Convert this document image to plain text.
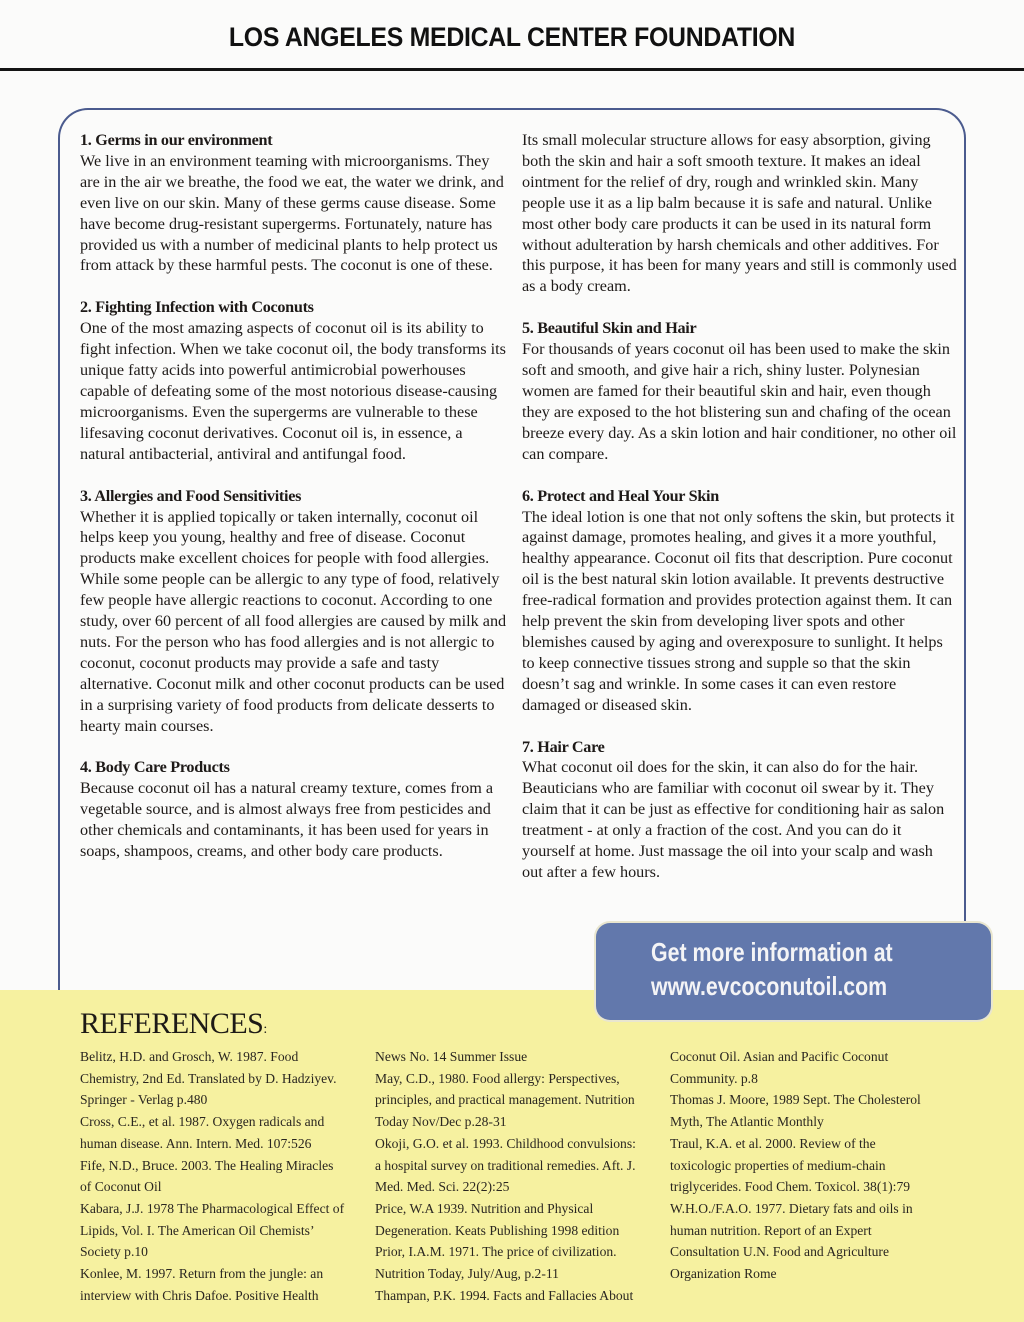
LOS ANGELES MEDICAL CENTER FOUNDATION
1. Germs in our environment

We live in an environment teaming with microorganisms. They are in the air we breathe, the food we eat, the water we drink, and even live on our skin. Many of these germs cause disease. Some have become drug-resistant supergerms. Fortunately, nature has provided us with a number of medicinal plants to help protect us from attack by these harmful pests. The coconut is one of these.

2. Fighting Infection with Coconuts

One of the most amazing aspects of coconut oil is its ability to fight infection. When we take coconut oil, the body transforms its unique fatty acids into powerful antimicrobial powerhouses capable of defeating some of the most notorious disease-causing microorganisms. Even the supergerms are vulnerable to these lifesaving coconut derivatives. Coconut oil is, in essence, a natural antibacterial, antiviral and antifungal food.

3. Allergies and Food Sensitivities

Whether it is applied topically or taken internally, coconut oil helps keep you young, healthy and free of disease. Coconut products make excellent choices for people with food allergies. While some people can be allergic to any type of food, relatively few people have allergic reactions to coconut. According to one study, over 60 percent of all food allergies are caused by milk and nuts. For the person who has food allergies and is not allergic to coconut, coconut products may provide a safe and tasty alternative. Coconut milk and other coconut products can be used in a surprising variety of food products from delicate desserts to hearty main courses.

4. Body Care Products

Because coconut oil has a natural creamy texture, comes from a vegetable source, and is almost always free from pesticides and other chemicals and contaminants, it has been used for years in soaps, shampoos, creams, and other body care products.

Its small molecular structure allows for easy absorption, giving both the skin and hair a soft smooth texture. It makes an ideal ointment for the relief of dry, rough and wrinkled skin. Many people use it as a lip balm because it is safe and natural. Unlike most other body care products it can be used in its natural form without adulteration by harsh chemicals and other additives. For this purpose, it has been for many years and still is commonly used as a body cream.

5. Beautiful Skin and Hair

For thousands of years coconut oil has been used to make the skin soft and smooth, and give hair a rich, shiny luster. Polynesian women are famed for their beautiful skin and hair, even though they are exposed to the hot blistering sun and chafing of the ocean breeze every day. As a skin lotion and hair conditioner, no other oil can compare.

6. Protect and Heal Your Skin

The ideal lotion is one that not only softens the skin, but protects it against damage, promotes healing, and gives it a more youthful, healthy appearance. Coconut oil fits that description. Pure coconut oil is the best natural skin lotion available. It prevents destructive free-radical formation and provides protection against them. It can help prevent the skin from developing liver spots and other blemishes caused by aging and overexposure to sunlight. It helps to keep connective tissues strong and supple so that the skin doesn’t sag and wrinkle. In some cases it can even restore damaged or diseased skin.

7. Hair Care

What coconut oil does for the skin, it can also do for the hair. Beauticians who are familiar with coconut oil swear by it. They claim that it can be just as effective for conditioning hair as salon treatment - at only a fraction of the cost. And you can do it yourself at home. Just massage the oil into your scalp and wash out after a few hours.

Get more information at
www.evcoconutoil.com
REFERENCES:
Belitz, H.D. and Grosch, W. 1987. Food
Chemistry, 2nd Ed. Translated by D. Hadziyev.
Springer - Verlag p.480
Cross, C.E., et al. 1987. Oxygen radicals and
human disease. Ann. Intern. Med. 107:526
Fife, N.D., Bruce. 2003. The Healing Miracles
of Coconut Oil
Kabara, J.J. 1978 The Pharmacological Effect of
Lipids, Vol. I. The American Oil Chemists’
Society p.10
Konlee, M. 1997. Return from the jungle: an
interview with Chris Dafoe. Positive Health
News No. 14 Summer Issue
May, C.D., 1980. Food allergy: Perspectives,
principles, and practical management. Nutrition
Today Nov/Dec p.28-31
Okoji, G.O. et al. 1993. Childhood convulsions:
a hospital survey on traditional remedies. Aft. J.
Med. Med. Sci. 22(2):25
Price, W.A 1939. Nutrition and Physical
Degeneration. Keats Publishing 1998 edition
Prior, I.A.M. 1971. The price of civilization.
Nutrition Today, July/Aug, p.2-11
Thampan, P.K. 1994. Facts and Fallacies About
Coconut Oil. Asian and Pacific Coconut
Community. p.8
Thomas J. Moore, 1989 Sept. The Cholesterol
Myth, The Atlantic Monthly
Traul, K.A. et al. 2000. Review of the
toxicologic properties of medium-chain
triglycerides. Food Chem. Toxicol. 38(1):79
W.H.O./F.A.O. 1977. Dietary fats and oils in
human nutrition. Report of an Expert
Consultation U.N. Food and Agriculture
Organization Rome
